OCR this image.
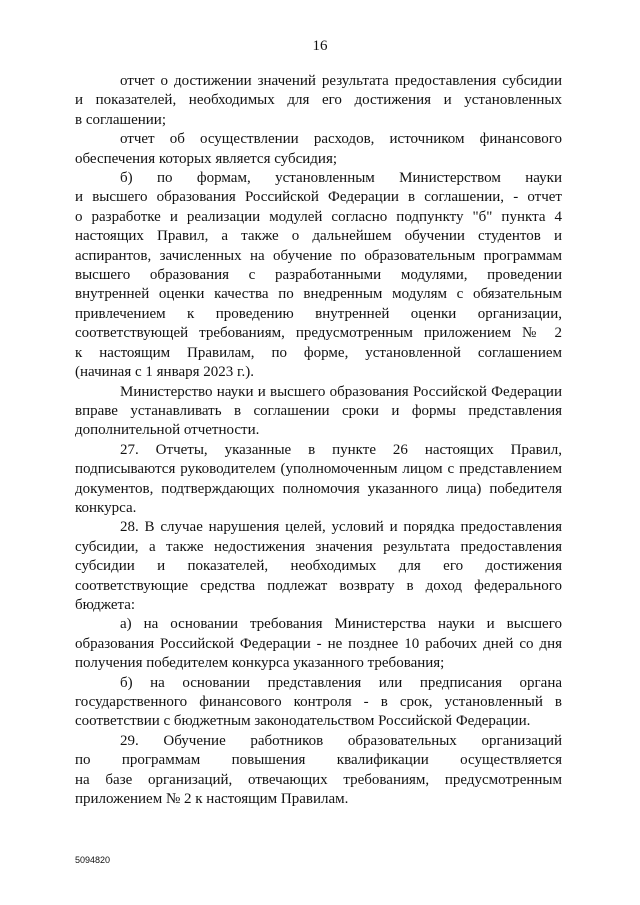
16

отчет о достижении значений результата предоставления субсидии
и показателей, необходимых для его достижения и установленных
в соглашении;

отчет об осуществлении расходов, источником финансового
обеспечения которых является субсидия;

б) по формам, установленным Министерством науки
и высшего образования Российской Федерации в соглашении, - отчет
о разработке и реализации модулей согласно подпункту "б" пункта 4
настоящих Правил, а также о дальнейшем обучении студентов и
аспирантов, зачисленных на обучение по образовательным программам
высшего образования с разработанными модулями, проведении
внутренней оценки качества по внедренным модулям с обязательным
привлечением к проведению внутренней оценки организации,
соответствующей требованиям, предусмотренным приложением № 2
к настоящим Правилам, по форме, установленной соглашением
(начиная с 1 января 2023 г.).

Министерство науки и высшего образования Российской Федерации
вправе устанавливать в соглашении сроки и формы представления
дополнительной отчетности.

27. Отчеты, указанные в пункте 26 настоящих Правил,
подписываются руководителем (уполномоченным лицом с представлением
документов, подтверждающих полномочия указанного лица) победителя
конкурса.

28. В случае нарушения целей, условий и порядка предоставления
субсидии, а также недостижения значения результата предоставления
субсидии и показателей, необходимых для его достижения
соответствующие средства подлежат возврату в доход федерального
бюджета:

а) на основании требования Министерства науки и высшего
образования Российской Федерации - не позднее 10 рабочих дней со дня
получения победителем конкурса указанного требования;

б) на основании представления или предписания органа
государственного финансового контроля - в срок, установленный в
соответствии с бюджетным законодательством Российской Федерации.

29. Обучение работников образовательных организаций
по программам повышения квалификации осуществляется
на базе организаций, отвечающих требованиям, предусмотренным
приложением № 2 к настоящим Правилам.

5094820
